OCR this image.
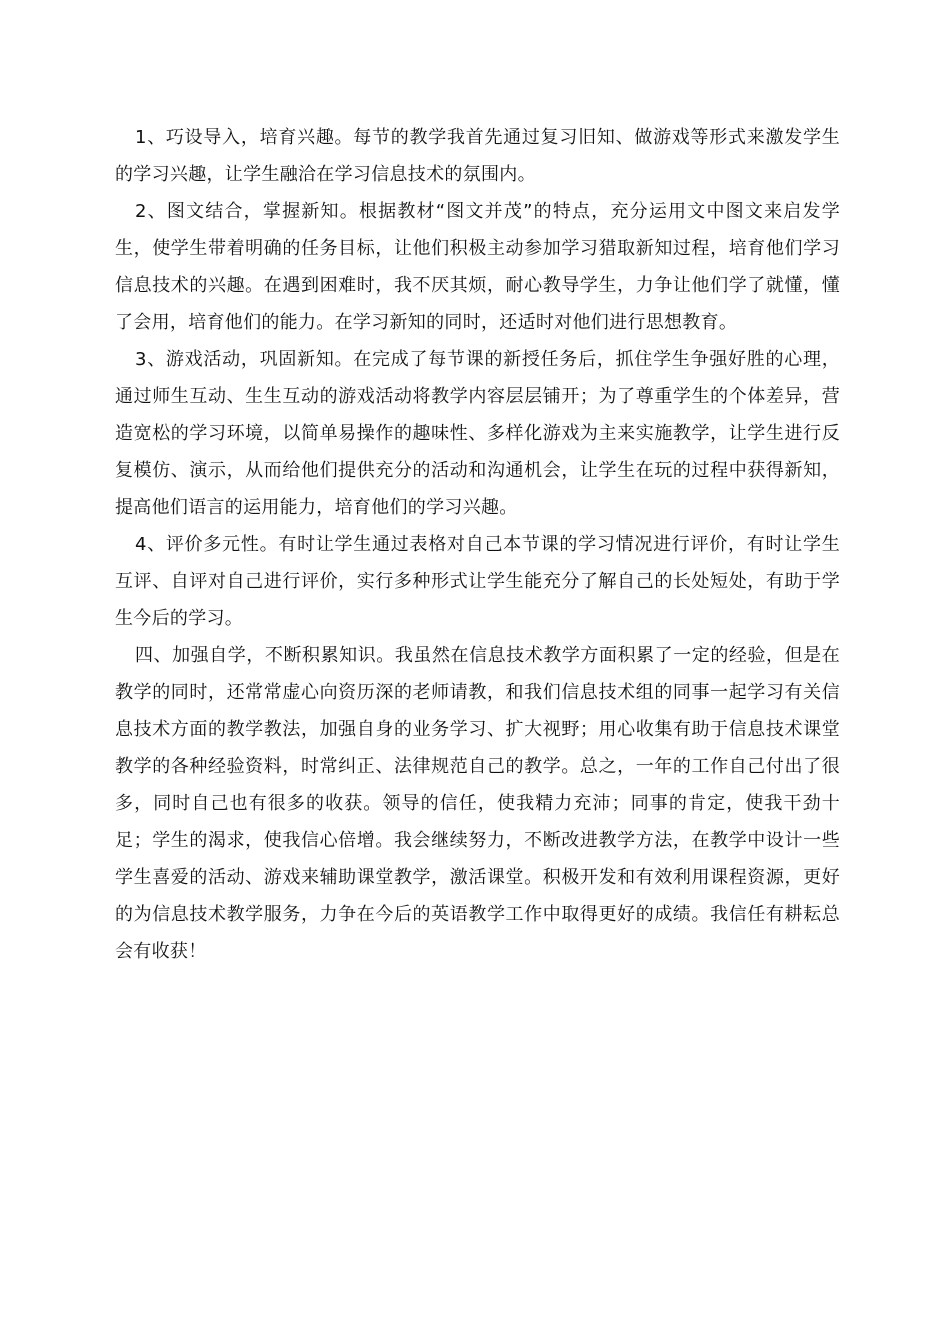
1、巧设导入，培育兴趣。每节的教学我首先通过复习旧知、做游戏等形式来激发学生的学习兴趣，让学生融洽在学习信息技术的氛围内。

2、图文结合，掌握新知。根据教材“图文并茂”的特点，充分运用文中图文来启发学生，使学生带着明确的任务目标，让他们积极主动参加学习猎取新知过程，培育他们学习信息技术的兴趣。在遇到困难时，我不厌其烦，耐心教导学生，力争让他们学了就懂，懂了会用，培育他们的能力。在学习新知的同时，还适时对他们进行思想教育。

3、游戏活动，巩固新知。在完成了每节课的新授任务后，抓住学生争强好胜的心理，通过师生互动、生生互动的游戏活动将教学内容层层铺开；为了尊重学生的个体差异，营造宽松的学习环境，以简单易操作的趣味性、多样化游戏为主来实施教学，让学生进行反复模仿、演示，从而给他们提供充分的活动和沟通机会，让学生在玩的过程中获得新知，提高他们语言的运用能力，培育他们的学习兴趣。

4、评价多元性。有时让学生通过表格对自己本节课的学习情况进行评价，有时让学生互评、自评对自己进行评价，实行多种形式让学生能充分了解自己的长处短处，有助于学生今后的学习。

四、加强自学，不断积累知识。我虽然在信息技术教学方面积累了一定的经验，但是在教学的同时，还常常虚心向资历深的老师请教，和我们信息技术组的同事一起学习有关信息技术方面的教学教法，加强自身的业务学习、扩大视野；用心收集有助于信息技术课堂教学的各种经验资料，时常纠正、法律规范自己的教学。总之，一年的工作自己付出了很多，同时自己也有很多的收获。领导的信任，使我精力充沛；同事的肯定，使我干劲十足；学生的渴求，使我信心倍增。我会继续努力，不断改进教学方法，在教学中设计一些学生喜爱的活动、游戏来辅助课堂教学，激活课堂。积极开发和有效利用课程资源，更好的为信息技术教学服务，力争在今后的英语教学工作中取得更好的成绩。我信任有耕耘总会有收获！
